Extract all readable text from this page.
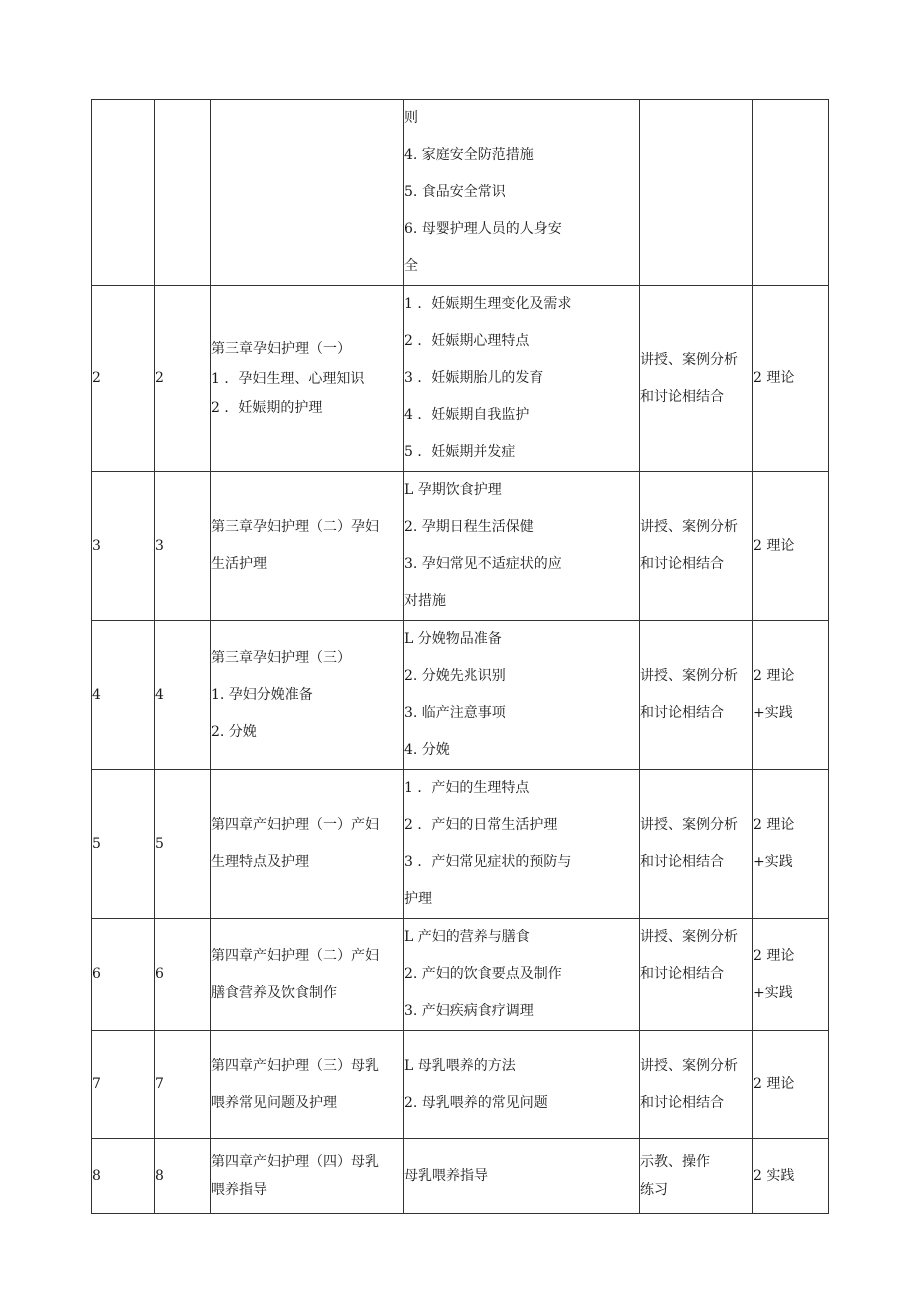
			则
4. 家庭安全防范措施
5. 食品安全常识
6. 母婴护理人员的人身安
全		

2	2	第三章孕妇护理（一）
1 ．孕妇生理、心理知识
2 ．妊娠期的护理	1 ．妊娠期生理变化及需求
2 ．妊娠期心理特点
3 ．妊娠期胎儿的发育
4 ．妊娠期自我监护
5 ．妊娠期并发症	讲授、案例分析
和讨论相结合	2 理论

3	3	第三章孕妇护理（二）孕妇
生活护理	L 孕期饮食护理
2. 孕期日程生活保健
3. 孕妇常见不适症状的应
对措施	讲授、案例分析
和讨论相结合	2 理论

4	4	第三章孕妇护理（三）
1. 孕妇分娩准备
2. 分娩	L 分娩物品准备
2. 分娩先兆识别
3. 临产注意事项
4. 分娩	讲授、案例分析
和讨论相结合	2 理论
+实践

5	5	第四章产妇护理（一）产妇
生理特点及护理	1 ．产妇的生理特点
2 ．产妇的日常生活护理
3 ．产妇常见症状的预防与
护理	讲授、案例分析
和讨论相结合	2 理论
+实践

6	6	第四章产妇护理（二）产妇
膳食营养及饮食制作	L 产妇的营养与膳食
2. 产妇的饮食要点及制作
3. 产妇疾病食疗调理	讲授、案例分析
和讨论相结合	2 理论
+实践

7	7	第四章产妇护理（三）母乳
喂养常见问题及护理	L 母乳喂养的方法
2. 母乳喂养的常见问题	讲授、案例分析
和讨论相结合	2 理论

8	8	第四章产妇护理（四）母乳
喂养指导	母乳喂养指导	示教、操作
练习	2 实践
